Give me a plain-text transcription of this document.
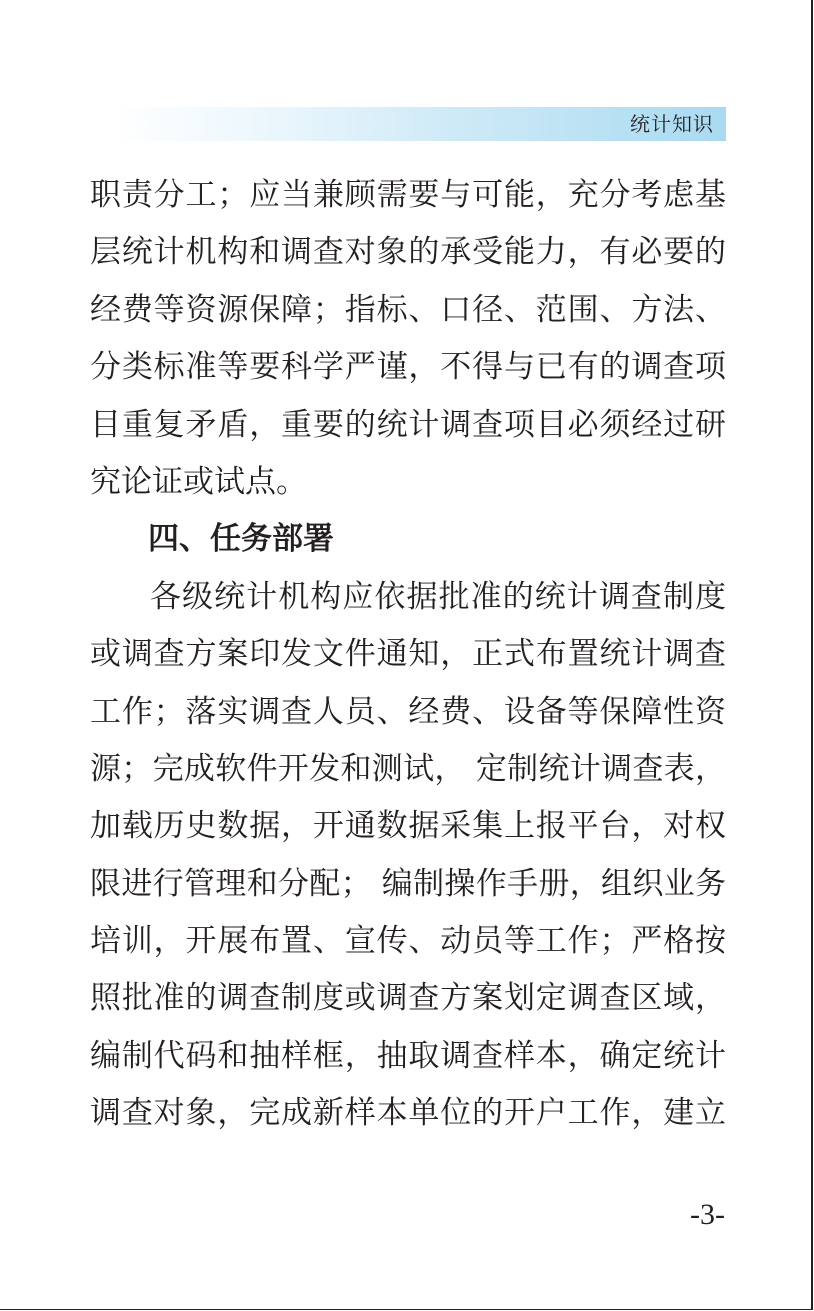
统计知识
职责分工；应当兼顾需要与可能，充分考虑基
层统计机构和调查对象的承受能力，有必要的
经费等资源保障；指标、口径、范围、方法、
分类标准等要科学严谨，不得与已有的调查项
目重复矛盾，重要的统计调查项目必须经过研
究论证或试点。
四、任务部署
各级统计机构应依据批准的统计调查制度
或调查方案印发文件通知，正式布置统计调查
工作；落实调查人员、经费、设备等保障性资
源；完成软件开发和测试， 定制统计调查表，
加载历史数据，开通数据采集上报平台，对权
限进行管理和分配； 编制操作手册，组织业务
培训，开展布置、宣传、动员等工作；严格按
照批准的调查制度或调查方案划定调查区域，
编制代码和抽样框，抽取调查样本，确定统计
调查对象，完成新样本单位的开户工作，建立
-3-
